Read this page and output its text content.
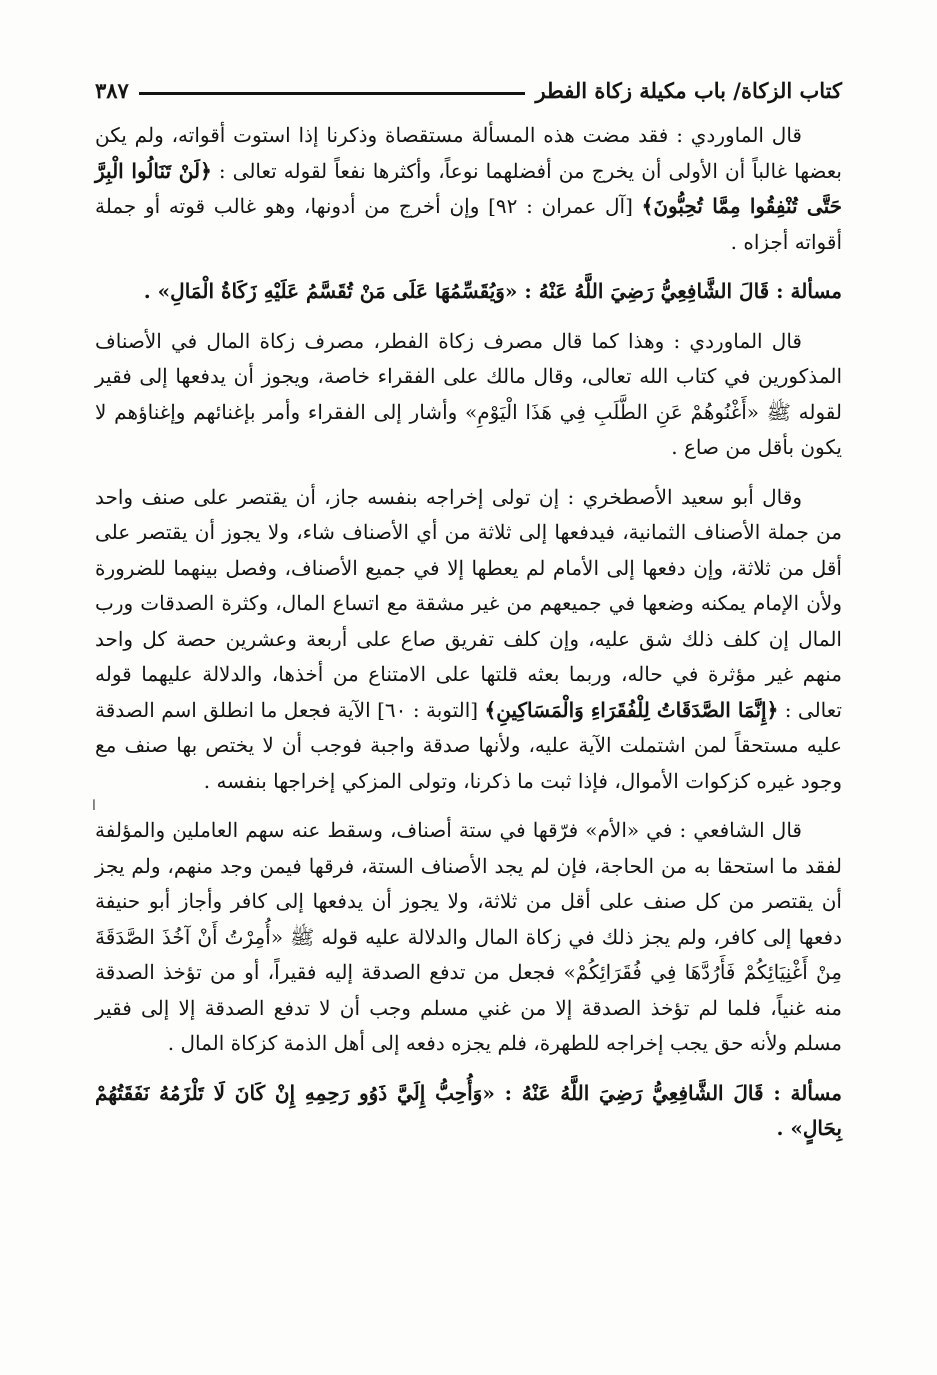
كتاب الزكاة/ باب مكيلة زكاة الفطر
٣٨٧

قال الماوردي : فقد مضت هذه المسألة مستقصاة وذكرنا إذا استوت أقواته، ولم يكن بعضها غالباً أن الأولى أن يخرج من أفضلهما نوعاً، وأكثرها نفعاً لقوله تعالى : ﴿لَنْ تَنَالُوا الْبِرَّ حَتَّى تُنْفِقُوا مِمَّا تُحِبُّونَ﴾ [آل عمران : ٩٢] وإن أخرج من أدونها، وهو غالب قوته أو جملة أقواته أجزاه .

مسألة : قَالَ الشَّافِعِيُّ رَضِيَ اللَّهُ عَنْهُ : «وَيُقَسِّمُهَا عَلَى مَنْ تُقَسَّمُ عَلَيْهِ زَكَاةُ الْمَالِ» .

قال الماوردي : وهذا كما قال مصرف زكاة الفطر، مصرف زكاة المال في الأصناف المذكورين في كتاب الله تعالى، وقال مالك على الفقراء خاصة، ويجوز أن يدفعها إلى فقير لقوله ﷺ «أَغْنُوهُمْ عَنِ الطَّلَبِ فِي هَذَا الْيَوْمِ» وأشار إلى الفقراء وأمر بإغنائهم وإغناؤهم لا يكون بأقل من صاع .

وقال أبو سعيد الأصطخري : إن تولى إخراجه بنفسه جاز، أن يقتصر على صنف واحد من جملة الأصناف الثمانية، فيدفعها إلى ثلاثة من أي الأصناف شاء، ولا يجوز أن يقتصر على أقل من ثلاثة، وإن دفعها إلى الأمام لم يعطها إلا في جميع الأصناف، وفصل بينهما للضرورة ولأن الإمام يمكنه وضعها في جميعهم من غير مشقة مع اتساع المال، وكثرة الصدقات ورب المال إن كلف ذلك شق عليه، وإن كلف تفريق صاع على أربعة وعشرين حصة كل واحد منهم غير مؤثرة في حاله، وربما بعثه قلتها على الامتناع من أخذها، والدلالة عليهما قوله تعالى : ﴿إِنَّمَا الصَّدَقَاتُ لِلْفُقَرَاءِ وَالْمَسَاكِينِ﴾ [التوبة : ٦٠] الآية فجعل ما انطلق اسم الصدقة عليه مستحقاً لمن اشتملت الآية عليه، ولأنها صدقة واجبة فوجب أن لا يختص بها صنف مع وجود غيره كزكوات الأموال، فإذا ثبت ما ذكرنا، وتولى المزكي إخراجها بنفسه .

قال الشافعي : في «الأم» فرّقها في ستة أصناف، وسقط عنه سهم العاملين والمؤلفة لفقد ما استحقا به من الحاجة، فإن لم يجد الأصناف الستة، فرقها فيمن وجد منهم، ولم يجز أن يقتصر من كل صنف على أقل من ثلاثة، ولا يجوز أن يدفعها إلى كافر وأجاز أبو حنيفة دفعها إلى كافر، ولم يجز ذلك في زكاة المال والدلالة عليه قوله ﷺ «أُمِرْتُ أَنْ آخُذَ الصَّدَقَةَ مِنْ أَغْنِيَائِكُمْ فَأَرُدَّهَا فِي فُقَرَائِكُمْ» فجعل من تدفع الصدقة إليه فقيراً، أو من تؤخذ الصدقة منه غنياً، فلما لم تؤخذ الصدقة إلا من غني مسلم وجب أن لا تدفع الصدقة إلا إلى فقير مسلم ولأنه حق يجب إخراجه للطهرة، فلم يجزه دفعه إلى أهل الذمة كزكاة المال .

مسألة : قَالَ الشَّافِعِيُّ رَضِيَ اللَّهُ عَنْهُ : «وَأُحِبُّ إِلَيَّ ذَوُو رَحِمِهِ إِنْ كَانَ لَا تَلْزَمُهُ نَفَقَتُهُمْ بِحَالٍ» .

ا
